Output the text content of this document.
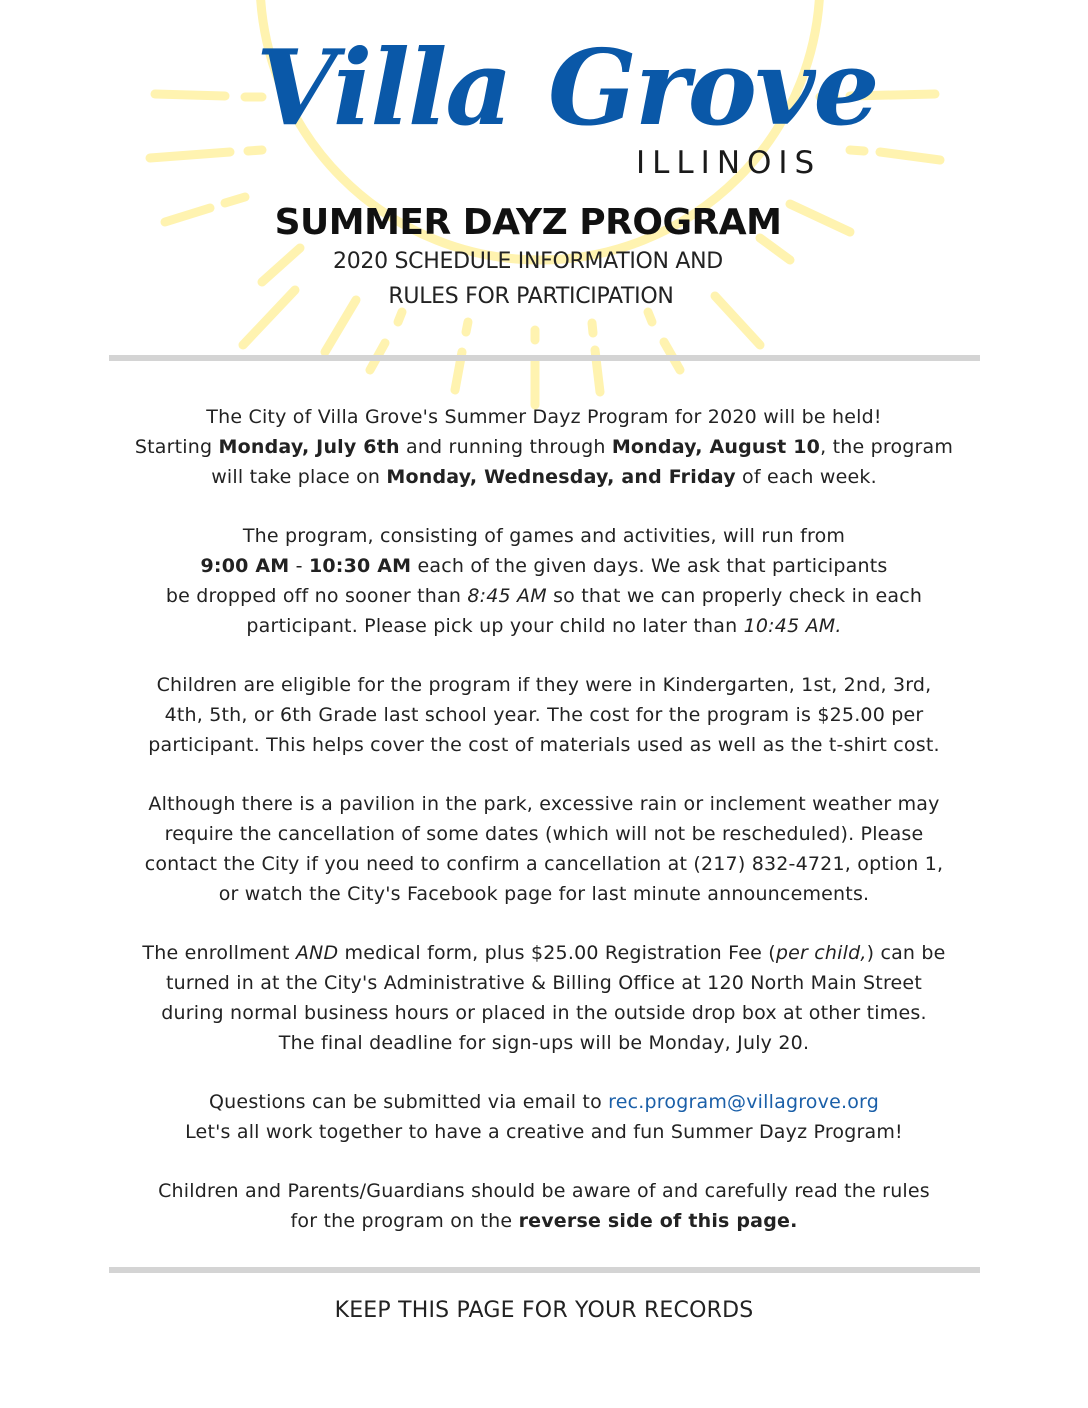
Villa Grove
ILLINOIS
SUMMER DAYZ PROGRAM
2020 SCHEDULE INFORMATION AND
RULES FOR PARTICIPATION

The City of Villa Grove's Summer Dayz Program for 2020 will be held!
Starting Monday, July 6th and running through Monday, August 10, the program
will take place on Monday, Wednesday, and Friday of each week.

The program, consisting of games and activities, will run from
9:00 AM - 10:30 AM each of the given days. We ask that participants
be dropped off no sooner than 8:45 AM so that we can properly check in each
participant. Please pick up your child no later than 10:45 AM.

Children are eligible for the program if they were in Kindergarten, 1st, 2nd, 3rd,
4th, 5th, or 6th Grade last school year. The cost for the program is $25.00 per
participant. This helps cover the cost of materials used as well as the t-shirt cost.

Although there is a pavilion in the park, excessive rain or inclement weather may
require the cancellation of some dates (which will not be rescheduled). Please
contact the City if you need to confirm a cancellation at (217) 832-4721, option 1,
or watch the City's Facebook page for last minute announcements.

The enrollment AND medical form, plus $25.00 Registration Fee (per child,) can be
turned in at the City's Administrative & Billing Office at 120 North Main Street
during normal business hours or placed in the outside drop box at other times.
The final deadline for sign-ups will be Monday, July 20.

Questions can be submitted via email to rec.program@villagrove.org
Let's all work together to have a creative and fun Summer Dayz Program!

Children and Parents/Guardians should be aware of and carefully read the rules
for the program on the reverse side of this page.

KEEP THIS PAGE FOR YOUR RECORDS
